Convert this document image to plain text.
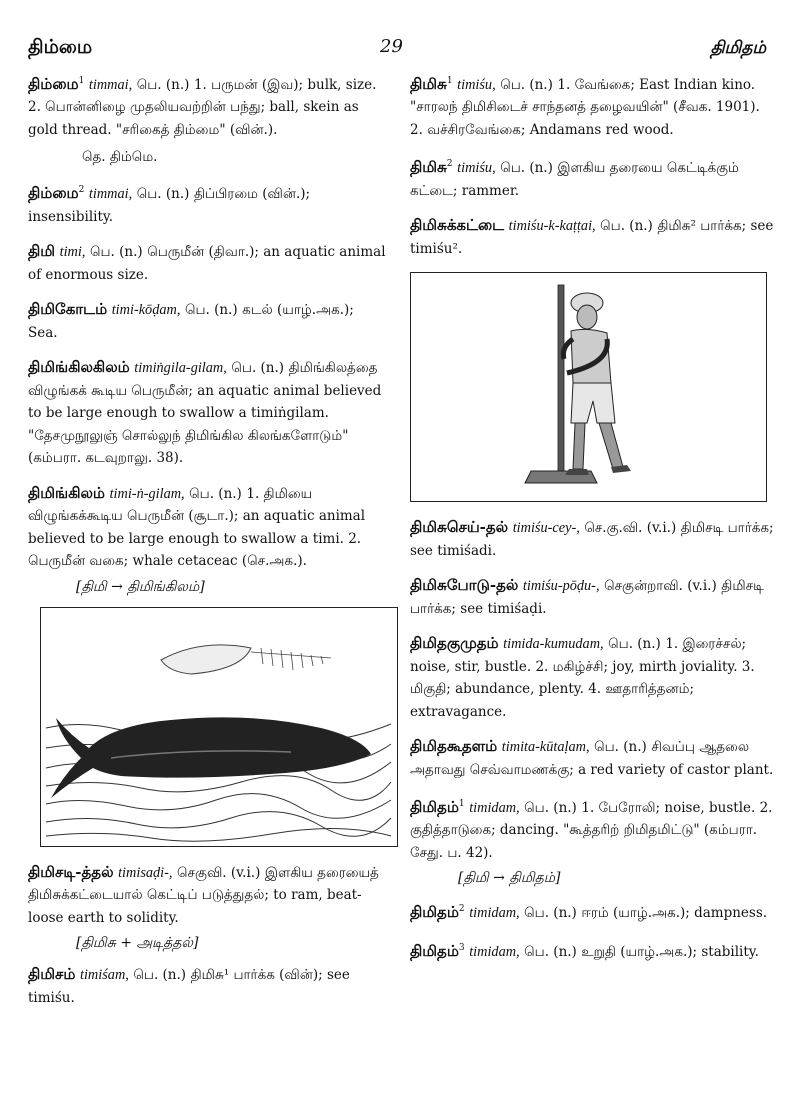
திம்மை	29	திமிதம்
திம்மை$^1$ timmai, பெ. (n.) 1. பருமன் (இவ); bulk, size. 2. பொன்னிழை முதலியவற்றின் பந்து; ball, skein as gold thread. "சரிகைத் திம்மை" (வின்.).
தெ. திம்மெ.
திம்மை$^2$ timmai, பெ. (n.) திப்பிரமை (வின்.); insensibility.
திமி timi, பெ. (n.) பெருமீன் (திவா.); an aquatic animal of enormous size.
திமிகோடம் timi-kōḍam, பெ. (n.) கடல் (யாழ்.அக.); Sea.
திமிங்கிலகிலம் timiṅgila-gilam, பெ. (n.) திமிங்கிலத்தை விழுங்கக் கூடிய பெருமீன்; an aquatic animal believed to be large enough to swallow a timiṅgilam. "தேசமுநூலுஞ் சொல்லுந் திமிங்கில கிலங்களோடும்" (கம்பரா. கடவுறாலு. 38).
திமிங்கிலம் timi-ṅ-gilam, பெ. (n.) 1. திமியை விழுங்கக்கூடிய பெருமீன் (சூடா.); an aquatic animal believed to be large enough to swallow a timi. 2. பெருமீன் வகை; whale cetaceac (செ.அக.).
[திமி → திமிங்கிலம்]
திமிசடி-த்தல் timisaḍi-, செகுவி. (v.i.) இளகிய தரையைத் திமிசுக்கட்டையால் கெட்டிப் படுத்துதல்; to ram, beat-loose earth to solidity.
[திமிசு + அடித்தல்]
திமிசம் timiśam, பெ. (n.) திமிசு¹ பார்க்க (வின்); see timiśu.
திமிசு$^1$ timiśu, பெ. (n.) 1. வேங்கை; East Indian kino. "சாரலந் திமிசிடைச் சாந்தனத் தழைவயின்" (சீவக. 1901). 2. வச்சிரவேங்கை; Andamans red wood.
திமிசு$^2$ timiśu, பெ. (n.) இளகிய தரையை கெட்டிக்கும் கட்டை; rammer.
திமிசுக்கட்டை timiśu-k-kaṭṭai, பெ. (n.) திமிசு² பார்க்க; see timiśu².
திமிசுசெய்-தல் timiśu-cey-, செ.கு.வி. (v.i.) திமிசடி பார்க்க; see timiśadi.
திமிசுபோடு-தல் timiśu-pōḍu-, செகுன்றாவி. (v.i.) திமிசடி பார்க்க; see timiśaḍi.
திமிதகுமுதம் timida-kumudam, பெ. (n.) 1. இரைச்சல்; noise, stir, bustle. 2. மகிழ்ச்சி; joy, mirth joviality. 3. மிகுதி; abundance, plenty. 4. ஊதாரித்தனம்; extravagance.
திமிதகூதளம் timita-kūtaḷam, பெ. (n.) சிவப்பு ஆதலை அதாவது செவ்வாமணக்கு; a red variety of castor plant.
திமிதம்$^1$ timidam, பெ. (n.) 1. பேரோலி; noise, bustle. 2. குதித்தாடுகை; dancing. "கூத்தரிற் றிமிதமிட்டு" (கம்பரா. சேது. ப. 42).
[திமி → திமிதம்]
திமிதம்$^2$ timidam, பெ. (n.) ஈரம் (யாழ்.அக.); dampness.
திமிதம்$^3$ timidam, பெ. (n.) உறுதி (யாழ்.அக.); stability.
